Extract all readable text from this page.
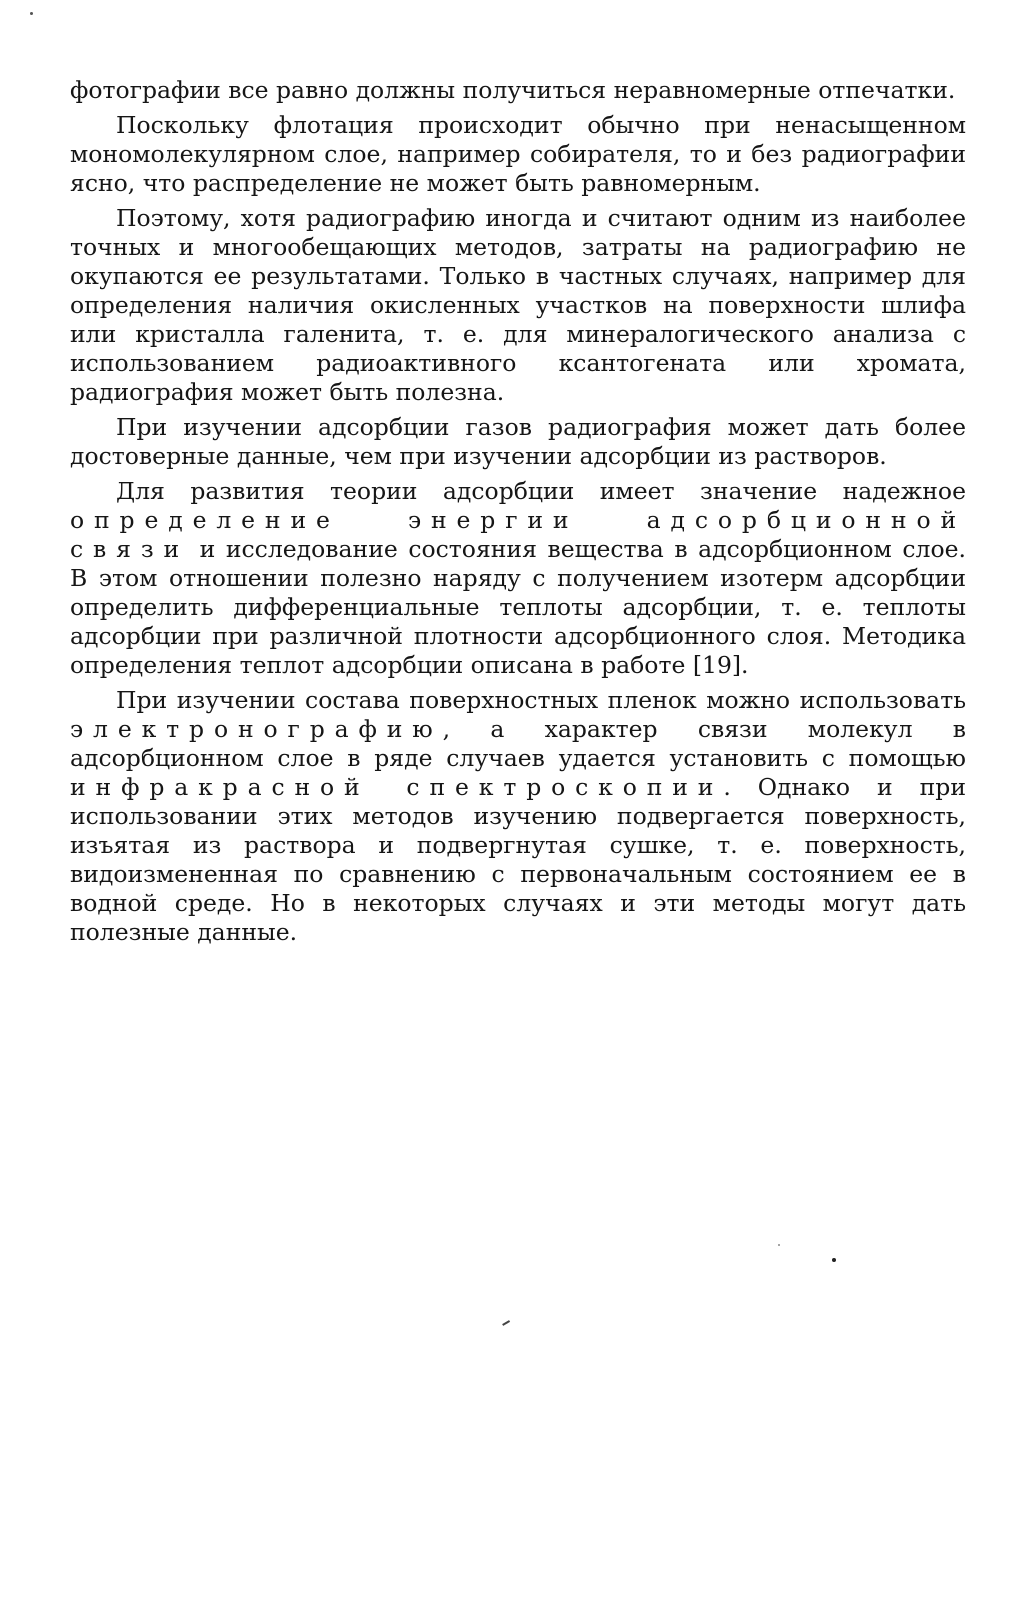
фотографии все равно должны получиться неравномерные отпечатки.

Поскольку флотация происходит обычно при ненасыщенном мономолекулярном слое, например собирателя, то и без радиографии ясно, что распределение не может быть равномерным.

Поэтому, хотя радиографию иногда и считают одним из наиболее точных и многообещающих методов, затраты на радиографию не окупаются ее результатами. Только в частных случаях, например для определения наличия окисленных участков на поверхности шлифа или кристалла галенита, т. е. для минералогического анализа с использованием радиоактивного ксантогената или хромата, радиография может быть полезна.

При изучении адсорбции газов радиография может дать более достоверные данные, чем при изучении адсорбции из растворов.

Для развития теории адсорбции имеет значение надежное определение энергии адсорбционной связи и исследование состояния вещества в адсорбционном слое. В этом отношении полезно наряду с получением изотерм адсорбции определить дифференциальные теплоты адсорбции, т. е. теплоты адсорбции при различной плотности адсорбционного слоя. Методика определения теплот адсорбции описана в работе [19].

При изучении состава поверхностных пленок можно использовать электронографию, а характер связи молекул в адсорбционном слое в ряде случаев удается установить с помощью инфракрасной спектроскопии. Однако и при использовании этих методов изучению подвергается поверхность, изъятая из раствора и подвергнутая сушке, т. е. поверхность, видоизмененная по сравнению с первоначальным состоянием ее в водной среде. Но в некоторых случаях и эти методы могут дать полезные данные.
